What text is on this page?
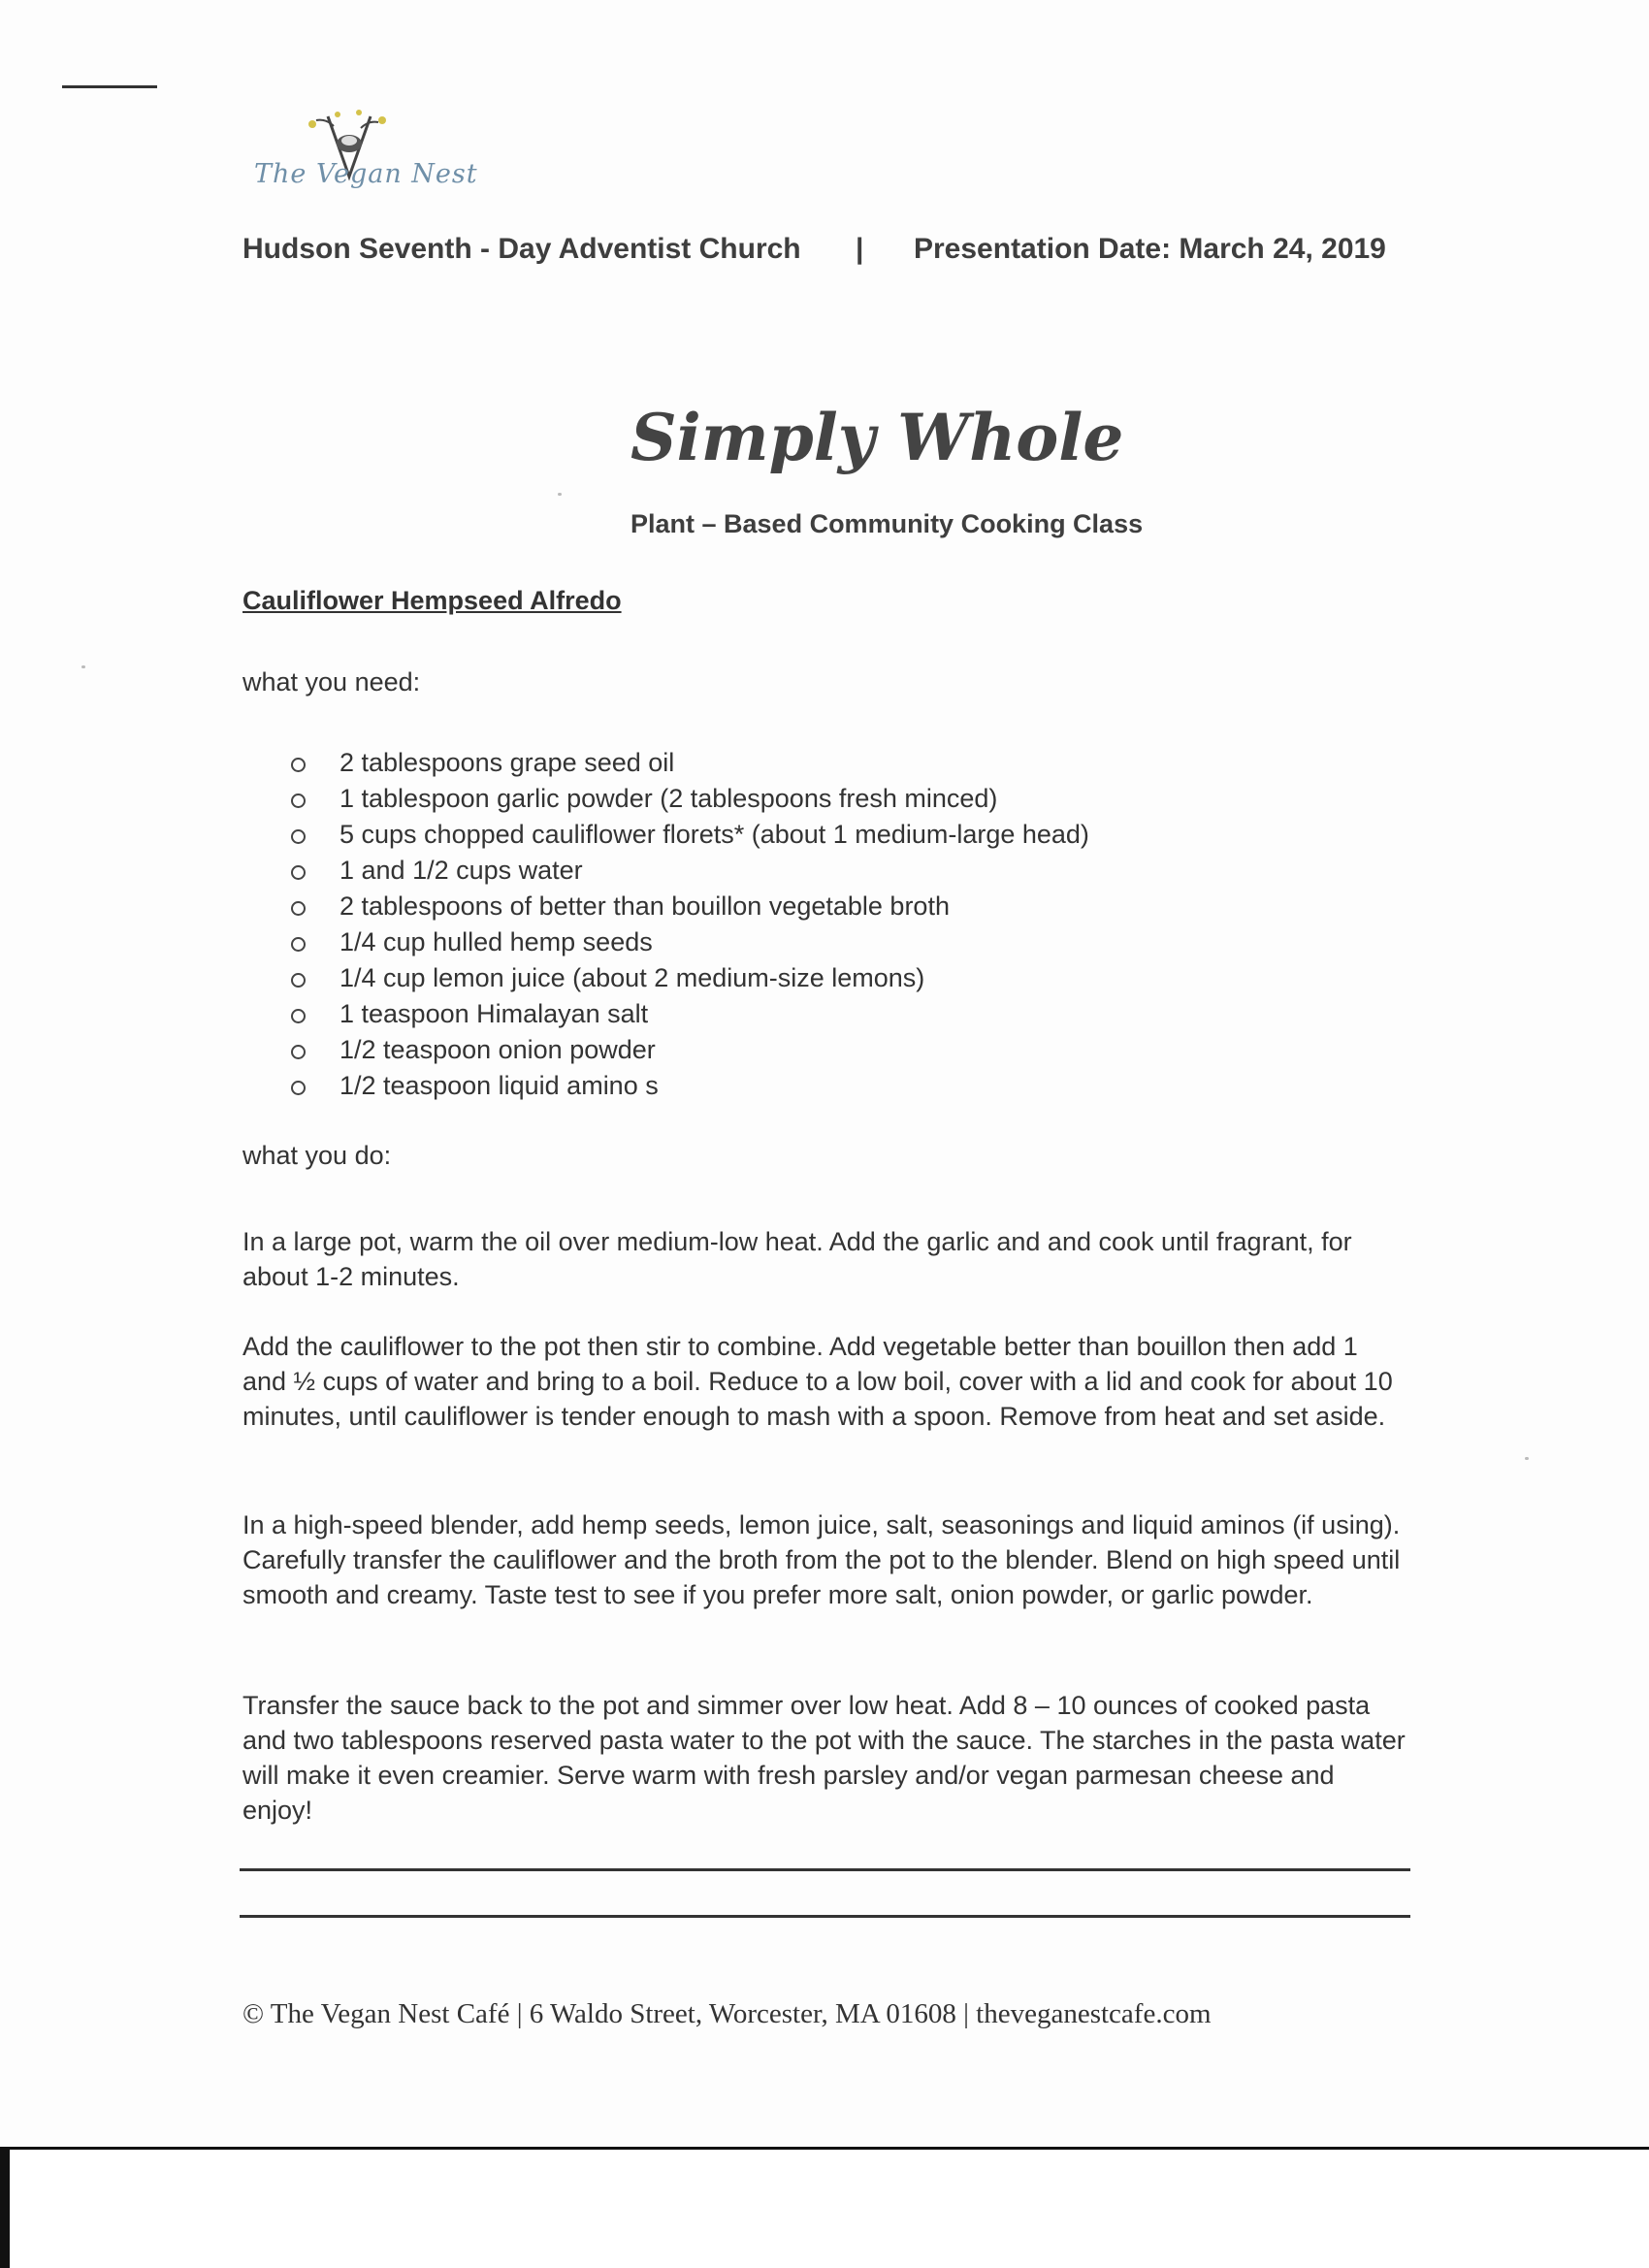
The Vegan Nest
Hudson Seventh - Day Adventist Church | Presentation Date: March 24, 2019
Simply Whole
Plant – Based Community Cooking Class
Cauliflower Hempseed Alfredo
what you need:
2 tablespoons grape seed oil
1 tablespoon garlic powder (2 tablespoons fresh minced)
5 cups chopped cauliflower florets* (about 1 medium-large head)
1 and 1/2 cups water
2 tablespoons of better than bouillon vegetable broth
1/4 cup hulled hemp seeds
1/4 cup lemon juice (about 2 medium-size lemons)
1 teaspoon Himalayan salt
1/2 teaspoon onion powder
1/2 teaspoon liquid amino s
what you do:

In a large pot, warm the oil over medium-low heat. Add the garlic and and cook until fragrant, for about 1-2 minutes.

Add the cauliflower to the pot then stir to combine. Add vegetable better than bouillon then add 1 and ½ cups of water and bring to a boil. Reduce to a low boil, cover with a lid and cook for about 10 minutes, until cauliflower is tender enough to mash with a spoon. Remove from heat and set aside.

In a high-speed blender, add hemp seeds, lemon juice, salt, seasonings and liquid aminos (if using). Carefully transfer the cauliflower and the broth from the pot to the blender. Blend on high speed until smooth and creamy. Taste test to see if you prefer more salt, onion powder, or garlic powder.

Transfer the sauce back to the pot and simmer over low heat. Add 8 – 10 ounces of cooked pasta and two tablespoons reserved pasta water to the pot with the sauce. The starches in the pasta water will make it even creamier. Serve warm with fresh parsley and/or vegan parmesan cheese and enjoy!

© The Vegan Nest Café | 6 Waldo Street, Worcester, MA 01608 | theveganestcafe.com
